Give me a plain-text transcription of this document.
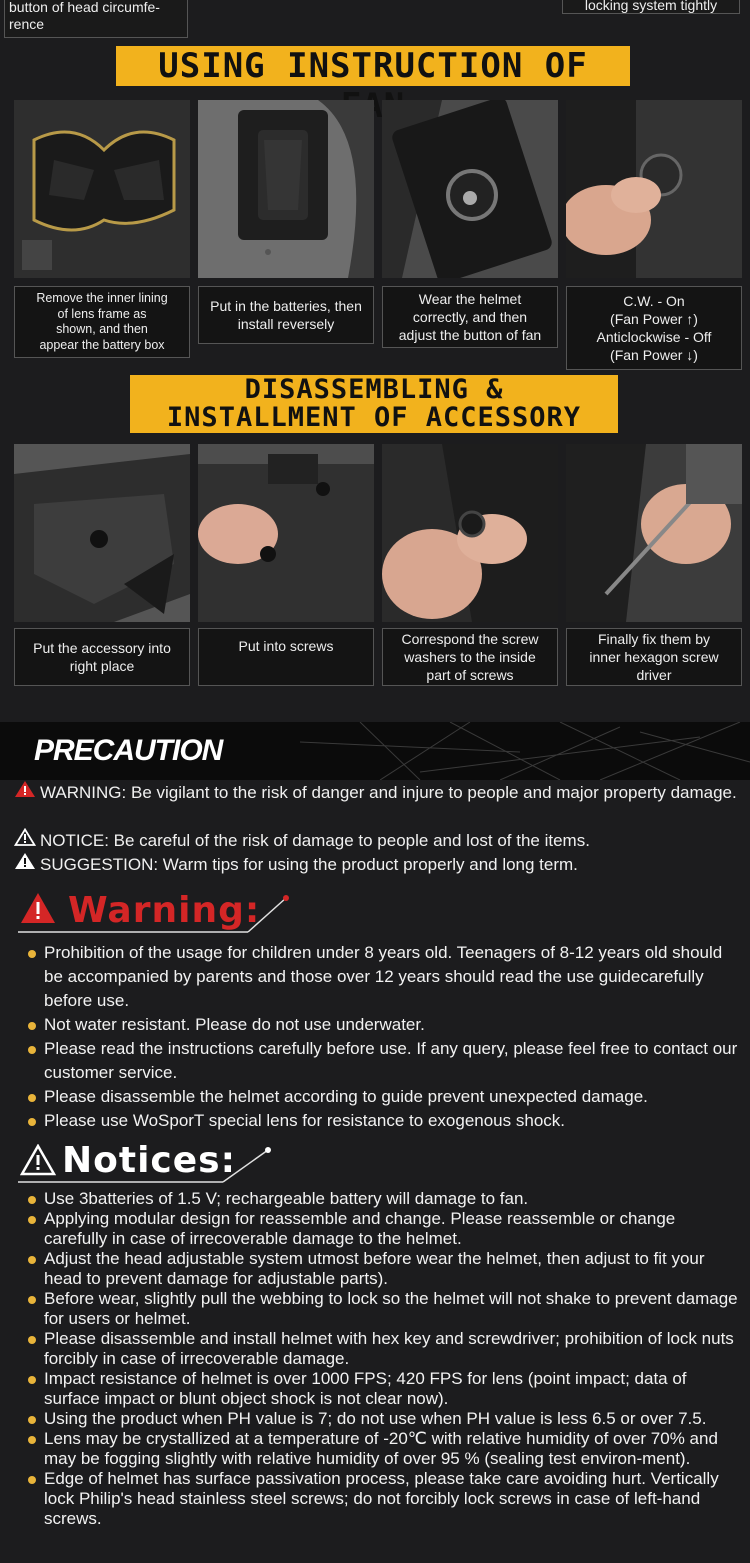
button of head circumfe-
rence
locking system tightly
USING INSTRUCTION OF
Remove the inner lining
of lens frame as
shown, and then
appear the battery box
Put in the batteries, then
install reversely
Wear the helmet
correctly, and then
adjust the button of fan
C.W. - On
(Fan Power ↑)
Anticlockwise - Off
(Fan Power ↓)
DISASSEMBLING &
INSTALLMENT OF ACCESSORY
Put the accessory into
right place
Put into screws	Correspond the screw
washers to the inside
part of screws
Finally fix them by
inner hexagon screw
driver
PRECAUTION
WARNING: Be vigilant to the risk of danger and injure to people and major property damage.
NOTICE: Be careful of the risk of damage to people and lost of the items.
SUGGESTION: Warm tips for using the product properly and long term.
Warning:
Prohibition of the usage for children under 8 years old. Teenagers of 8-12 years old should be accompanied by parents and those over 12 years should read the use guidecarefully before use.
Not water resistant. Please do not use underwater.
Please read the instructions carefully before use. If any query, please feel free to contact our customer service.
Please disassemble the helmet according to guide prevent unexpected damage.
Please use WoSporT special lens for resistance to exogenous shock.
Notices:
Use 3batteries of 1.5 V; rechargeable battery will damage to fan.
Applying modular design for reassemble and change. Please reassemble or change carefully in case of irrecoverable damage to the helmet.
Adjust the head adjustable system utmost before wear the helmet, then adjust to fit your head to prevent damage for adjustable parts).
Before wear, slightly pull the webbing to lock so the helmet will not shake to prevent damage for users or helmet.
Please disassemble and install helmet with hex key and screwdriver; prohibition of lock nuts forcibly in case of irrecoverable damage.
Impact resistance of helmet is over 1000 FPS; 420 FPS for lens (point impact; data of surface impact or blunt object shock is not clear now).
Using the product when PH value is 7; do not use when PH value is less 6.5 or over 7.5.
Lens may be crystallized at a temperature of -20℃ with relative humidity of over 70% and may be fogging slightly with relative humidity of over 95 % (sealing test environ-ment).
Edge of helmet has surface passivation process, please take care avoiding hurt. Vertically lock Philip's head stainless steel screws; do not forcibly lock screws in case of left-hand screws.
